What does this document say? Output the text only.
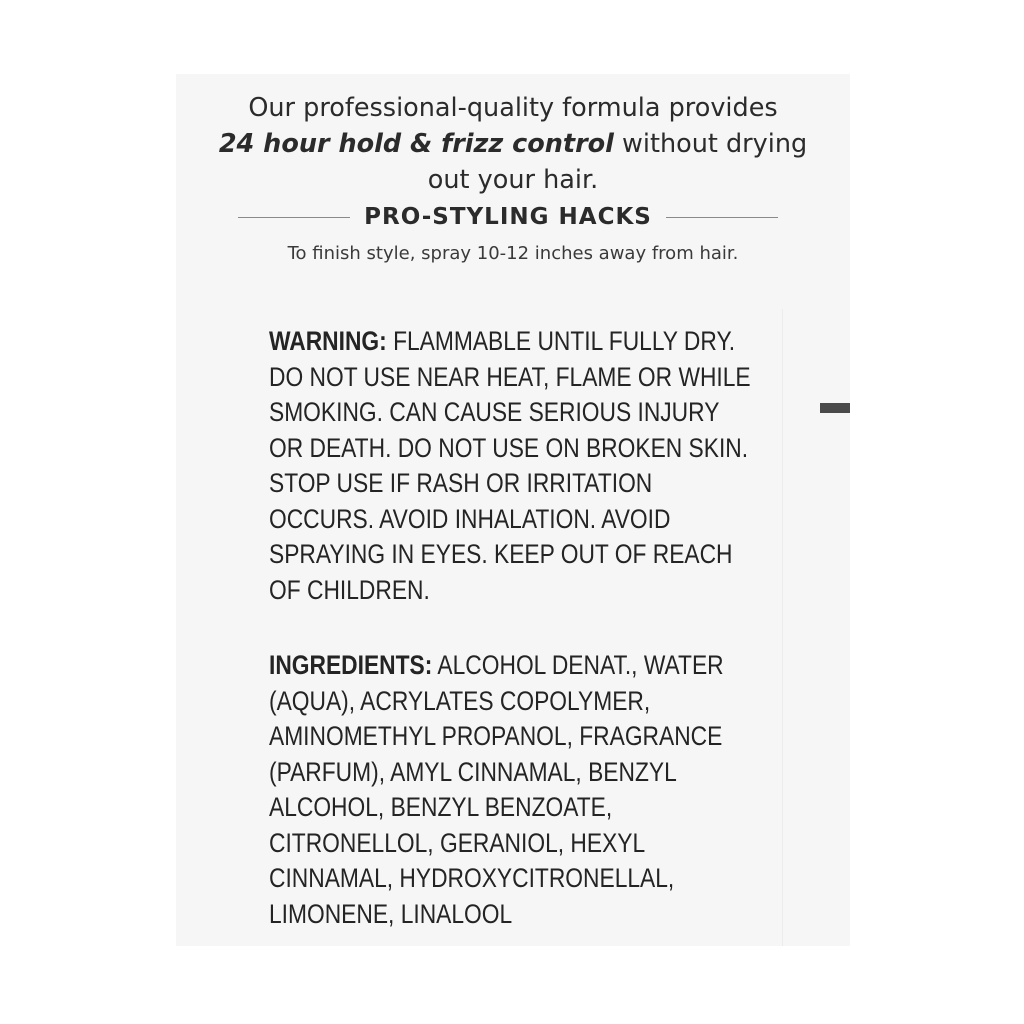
Our professional-quality formula provides
24 hour hold & frizz control without drying
out your hair.
PRO-STYLING HACKS
To finish style, spray 10-12 inches away from hair.
WARNING: FLAMMABLE UNTIL FULLY DRY.
DO NOT USE NEAR HEAT, FLAME OR WHILE
SMOKING. CAN CAUSE SERIOUS INJURY
OR DEATH. DO NOT USE ON BROKEN SKIN.
STOP USE IF RASH OR IRRITATION
OCCURS. AVOID INHALATION. AVOID
SPRAYING IN EYES. KEEP OUT OF REACH
OF CHILDREN.
INGREDIENTS: ALCOHOL DENAT., WATER
(AQUA), ACRYLATES COPOLYMER,
AMINOMETHYL PROPANOL, FRAGRANCE
(PARFUM), AMYL CINNAMAL, BENZYL
ALCOHOL, BENZYL BENZOATE,
CITRONELLOL, GERANIOL, HEXYL
CINNAMAL, HYDROXYCITRONELLAL,
LIMONENE, LINALOOL
